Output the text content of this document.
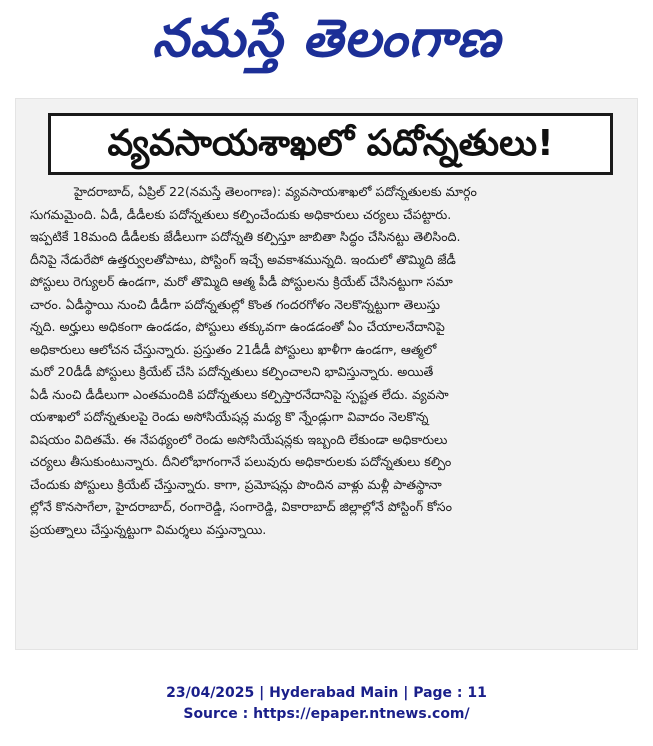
నమస్తే తెలంగాణ
వ్యవసాయశాఖలో పదోన్నతులు!
హైదరాబాద్, ఏప్రిల్ 22(నమస్తే తెలంగాణ): వ్యవసాయశాఖలో పదోన్నతులకు మార్గం
సుగమమైంది. ఏడీ, డీడీలకు పదోన్నతులు కల్పించేందుకు అధికారులు చర్యలు చేపట్టారు.
ఇప్పటికే 18మంది డీడీలకు జేడీలుగా పదోన్నతి కల్పిస్తూ జాబితా సిద్ధం చేసినట్టు తెలిసింది.
దీనిపై నేడురేపో ఉత్తర్వులతోపాటు, పోస్టింగ్ ఇచ్చే అవకాశమున్నది. ఇందులో తొమ్మిది జేడీ
పోస్టులు రెగ్యులర్ ఉండగా, మరో తొమ్మిది ఆత్మ పీడీ పోస్టులను క్రియేట్ చేసినట్టుగా సమా
చారం. ఏడీస్థాయి నుంచి డీడీగా పదోన్నతుల్లో కొంత గందరగోళం నెలకొన్నట్టుగా తెలుస్తు
న్నది. అర్హులు అధికంగా ఉండడం, పోస్టులు తక్కువగా ఉండడంతో ఏం చేయాలనేదానిపై
అధికారులు ఆలోచన చేస్తున్నారు. ప్రస్తుతం 21డీడీ పోస్టులు ఖాళీగా ఉండగా, ఆత్మలో
మరో 20డీడీ పోస్టులు క్రియేట్ చేసి పదోన్నతులు కల్పించాలని భావిస్తున్నారు. అయితే
ఏడీ నుంచి డీడీలుగా ఎంతమందికి పదోన్నతులు కల్పిస్తారనేదానిపై స్పష్టత లేదు. వ్యవసా
యశాఖలో పదోన్నతులపై రెండు అసోసియేషన్ల మధ్య కొ న్నేండ్లుగా వివాదం నెలకొన్న
విషయం విదితమే. ఈ నేపథ్యంలో రెండు అసోసియేషన్లకు ఇబ్బంది లేకుండా అధికారులు
చర్యలు తీసుకుంటున్నారు. దీనిలోభాగంగానే పలువురు అధికారులకు పదోన్నతులు కల్పిం
చేందుకు పోస్టులు క్రియేట్ చేస్తున్నారు. కాగా, ప్రమోషన్లు పొందిన వాళ్లు మళ్లీ పాతస్థానా
ల్లోనే కొనసాగేలా, హైదరాబాద్, రంగారెడ్డి, సంగారెడ్డి, వికారాబాద్ జిల్లాల్లోనే పోస్టింగ్ కోసం
ప్రయత్నాలు చేస్తున్నట్టుగా విమర్శలు వస్తున్నాయి.
23/04/2025 | Hyderabad Main | Page : 11
Source : https://epaper.ntnews.com/
